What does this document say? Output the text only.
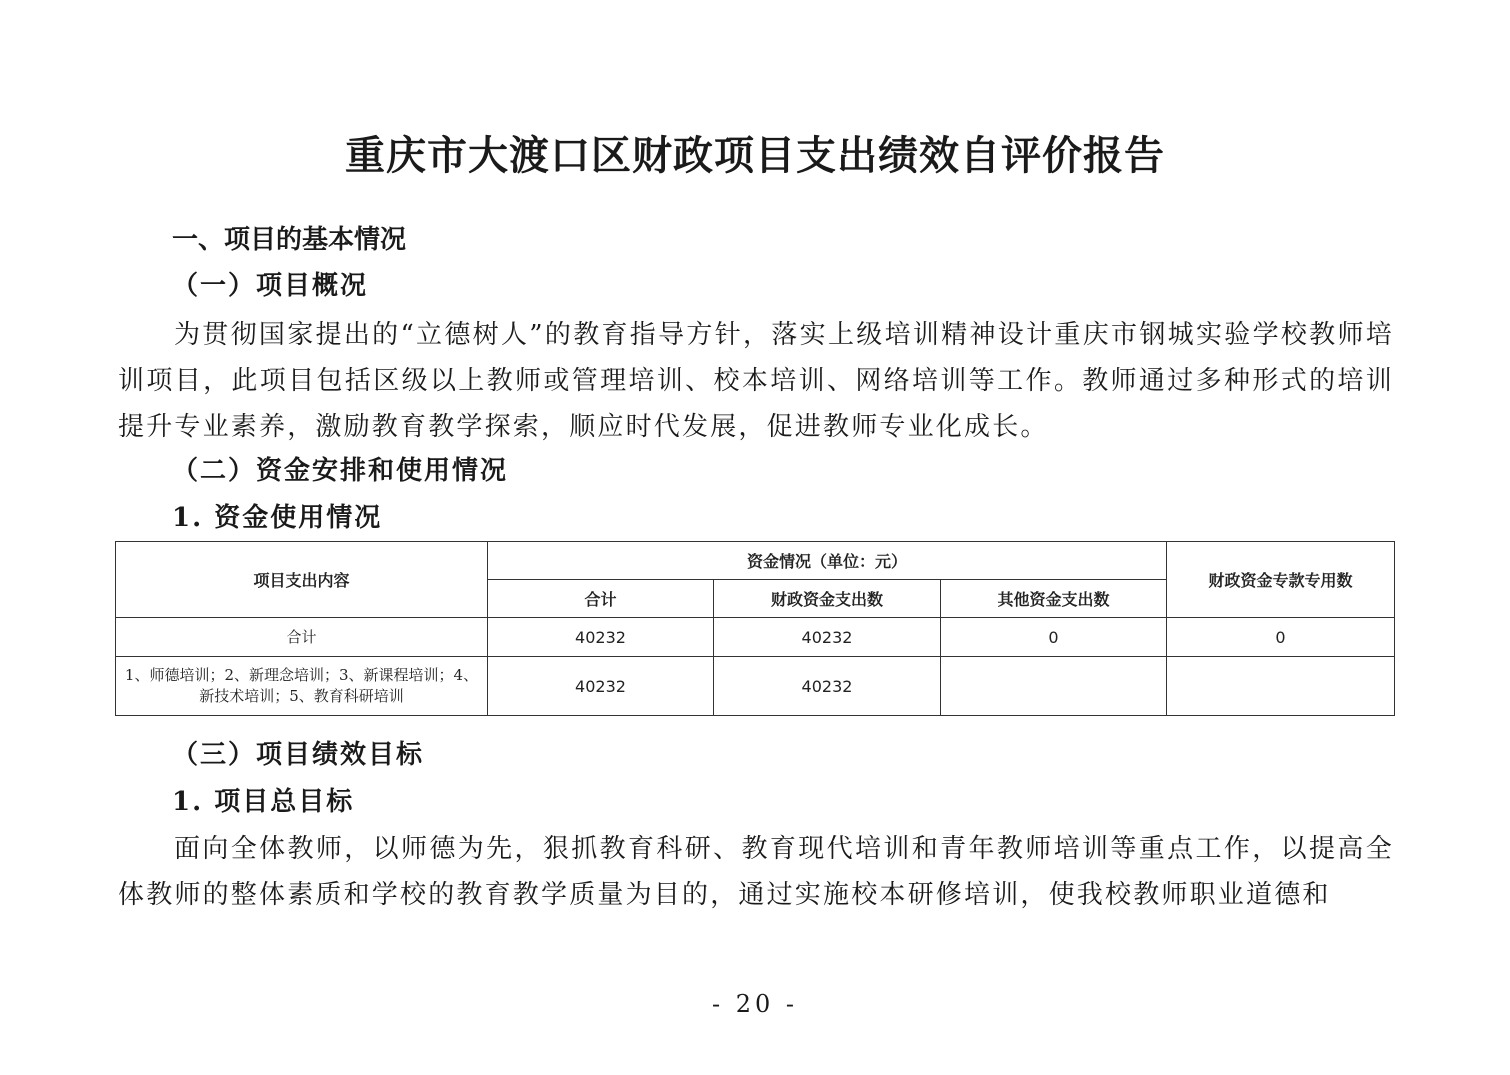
重庆市大渡口区财政项目支出绩效自评价报告
一、项目的基本情况
（一）项目概况

为贯彻国家提出的“立德树人”的教育指导方针，落实上级培训精神设计重庆市钢城实验学校教师培训项目，此项目包括区级以上教师或管理培训、校本培训、网络培训等工作。教师通过多种形式的培训提升专业素养，激励教育教学探索，顺应时代发展，促进教师专业化成长。

（二）资金安排和使用情况
1. 资金使用情况
项目支出内容	资金情况（单位：元）			财政资金专款专用数
	合计	财政资金支出数	其他资金支出数	
合计	40232	40232	0	0
1、师德培训；2、新理念培训；3、新课程培训；4、新技术培训；5、教育科研培训	40232	40232		
（三）项目绩效目标
1. 项目总目标

面向全体教师，以师德为先，狠抓教育科研、教育现代培训和青年教师培训等重点工作，以提高全体教师的整体素质和学校的教育教学质量为目的，通过实施校本研修培训，使我校教师职业道德和

- 20 -
